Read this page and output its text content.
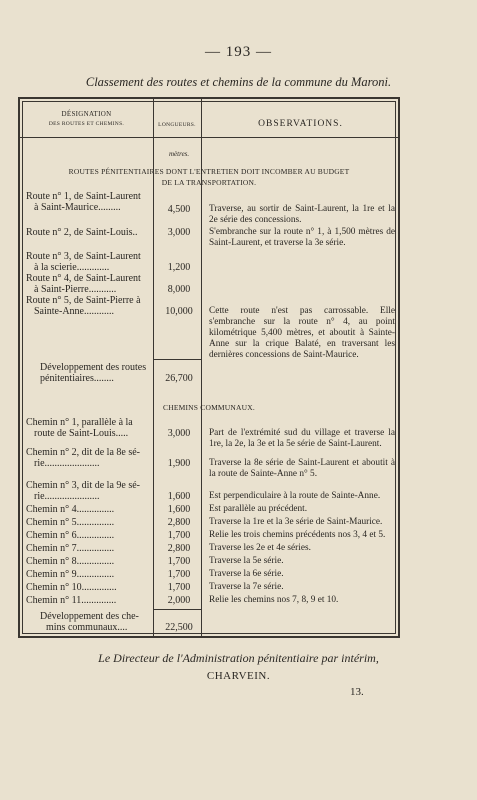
— 193 —
Classement des routes et chemins de la commune du Maroni.
DÉSIGNATION
DES ROUTES ET CHEMINS.	LONGUEURS.	OBSERVATIONS.
mètres.
ROUTES PÉNITENTIAIRES DONT L'ENTRETIEN DOIT INCOMBER AU BUDGET
DE LA TRANSPORTATION.
Route n° 1, de Saint-Laurent
à Saint-Maurice.........	4,500	Traverse, au sortir de Saint-Laurent, la 1re et la 2e série des concessions.
Route n° 2, de Saint-Louis..	3,000	S'embranche sur la route n° 1, à 1,500 mètres de Saint-Laurent, et traverse la 3e série.
Route n° 3, de Saint-Laurent
à la scierie.............	1,200
Route n° 4, de Saint-Laurent
à Saint-Pierre...........	8,000
Route n° 5, de Saint-Pierre à
Sainte-Anne............	10,000	Cette route n'est pas carrossable. Elle s'embranche sur la route n° 4, au point kilométrique 5,400 mètres, et aboutit à Sainte-Anne sur la crique Balaté, en traversant les dernières concessions de Saint-Maurice.
Développement des routes
pénitentiaires........	26,700
CHEMINS COMMUNAUX.
Chemin n° 1, parallèle à la
route de Saint-Louis.....	3,000	Part de l'extrémité sud du village et traverse la 1re, la 2e, la 3e et la 5e série de Saint-Laurent.
Chemin n° 2, dit de la 8e sé-
rie......................	1,900	Traverse la 8e série de Saint-Laurent et aboutit à la route de Sainte-Anne n° 5.
Chemin n° 3, dit de la 9e sé-
rie......................	1,600	Est perpendiculaire à la route de Sainte-Anne.
Chemin n° 4...............	1,600	Est parallèle au précédent.
Chemin n° 5...............	2,800	Traverse la 1re et la 3e série de Saint-Maurice.
Chemin n° 6...............	1,700	Relie les trois chemins précédents nos 3, 4 et 5.
Chemin n° 7...............	2,800	Traverse les 2e et 4e séries.
Chemin n° 8...............	1,700	Traverse la 5e série.
Chemin n° 9...............	1,700	Traverse la 6e série.
Chemin n° 10..............	1,700	Traverse la 7e série.
Chemin n° 11..............	2,000	Relie les chemins nos 7, 8, 9 et 10.
Développement des che-
mins communaux....	22,500
Le Directeur de l'Administration pénitentiaire par intérim,
CHARVEIN.
13.
